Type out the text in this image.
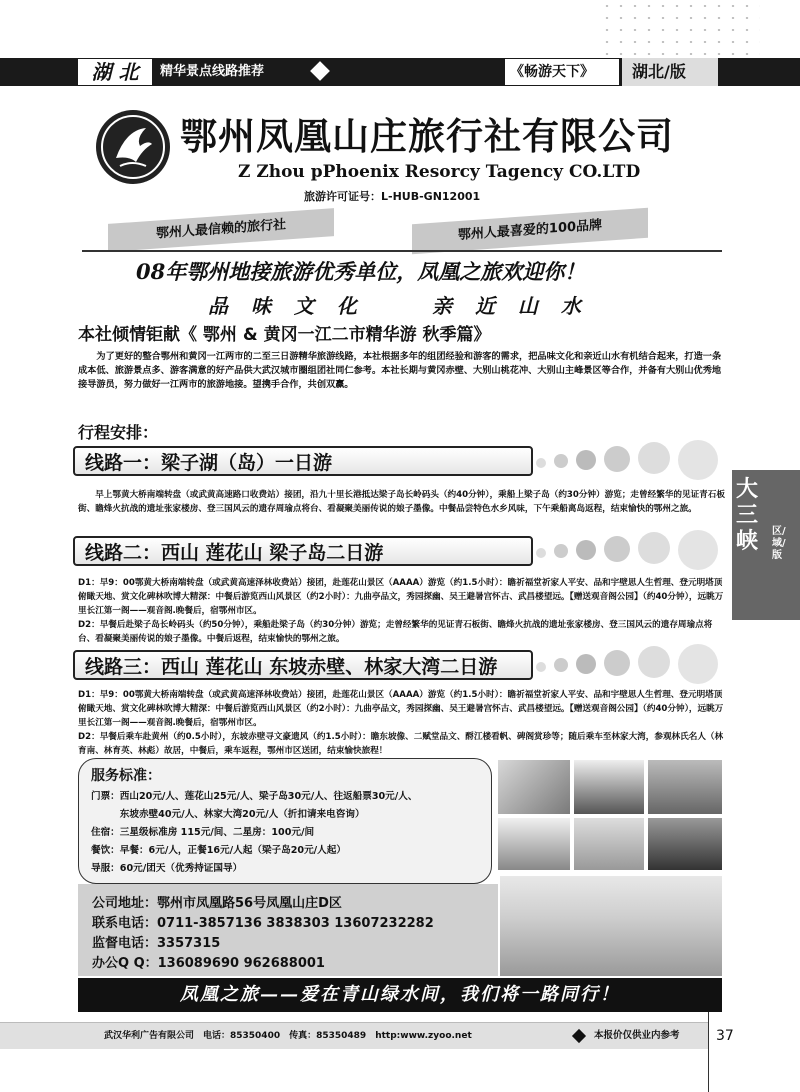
湖 北	精华景点线路推荐	《畅游天下》	湖北/版
鄂州凤凰山庄旅行社有限公司
Z Zhou pPhoenix Resorcy Tagency CO.LTD
旅游许可证号：L-HUB-GN12001
鄂州人最信赖的旅行社	鄂州人最喜爱的100品牌
08年鄂州地接旅游优秀单位，凤凰之旅欢迎你！
品 味 文 化	亲 近 山 水
本社倾情钜献《 鄂州 & 黄冈一江二市精华游 秋季篇》
为了更好的整合鄂州和黄冈一江两市的二至三日游精华旅游线路，本社根据多年的组团经验和游客的需求，把品味文化和亲近山水有机结合起来，打造一条成本低、旅游景点多、游客满意的好产品供大武汉城市圈组团社同仁参考。本社长期与黄冈赤壁、大别山桃花冲、大别山主峰景区等合作，并备有大别山优秀地接导游员，努力做好一江两市的旅游地接。望携手合作，共创双赢。
行程安排：
线路一：梁子湖（岛）一日游

早上鄂黄大桥南端转盘（或武黄高速路口收费站）接团，沿九十里长港抵达梁子岛长岭码头（约40分钟），乘船上梁子岛（约30分钟）游览；走曾经繁华的见证青石板街、瞻烽火抗战的遗址张家楼房、登三国风云的遗存周瑜点将台、看凝聚美丽传说的娘子墨像。中餐品尝特色水乡风味，下午乘船离岛返程，结束愉快的鄂州之旅。

线路二：西山 莲花山 梁子岛二日游

D1：早9：00鄂黄大桥南端转盘（或武黄高速泽林收费站）接团，赴莲花山景区（AAAA）游览（约1.5小时）：瞻祈福堂祈家人平安、品和宇壁思人生哲理、登元明塔顶俯瞰天地、赏文化碑林吹博大精深：中餐后游览西山风景区（约2小时）：九曲亭品文，秀园探幽、吴王避暑宫怀古、武昌楼望远。【赠送观音阁公园】（约40分钟），远眺万里长江第一阁——观音阁.晚餐后，宿鄂州市区。

D2：早餐后赴梁子岛长岭码头（约50分钟），乘船赴梁子岛（约30分钟）游览；走曾经繁华的见证青石板街、瞻烽火抗战的遗址张家楼房、登三国风云的遗存周瑜点将台、看凝聚美丽传说的娘子墨像。中餐后返程，结束愉快的鄂州之旅。

线路三：西山 莲花山 东坡赤壁、林家大湾二日游

D1：早9：00鄂黄大桥南端转盘（或武黄高速泽林收费站）接团，赴莲花山景区（AAAA）游览（约1.5小时）：瞻祈福堂祈家人平安、品和宇壁思人生哲理、登元明塔顶俯瞰天地、赏文化碑林吹博大精深：中餐后游览西山风景区（约2小时）：九曲亭品文，秀园探幽、吴王避暑宫怀古、武昌楼望远。【赠送观音阁公园】（约40分钟），远眺万里长江第一阁——观音阁.晚餐后，宿鄂州市区。

D2：早餐后乘车赴黄州（约0.5小时），东坡赤壁寻文豪遗风（约1.5小时）：瞻东坡像、二赋堂品文、酹江楼看帆、碑阁赏珍等；随后乘车至林家大湾，参观林氏名人（林育南、林育英、林彪）故居，中餐后，乘车返程，鄂州市区送团，结束愉快旅程！

大三峡	区/域/版
服务标准：
门票：西山20元/人、莲花山25元/人、梁子岛30元/人、往返船票30元/人、
　　　东坡赤壁40元/人、林家大湾20元/人（折扣请来电咨询）
住宿：三星级标准房 115元/间、二星房：100元/间
餐饮：早餐：6元/人，正餐16元/人起（梁子岛20元/人起）
导服：60元/团天（优秀持证国导）
公司地址：鄂州市凤凰路56号凤凰山庄D区
联系电话：0711-3857136 3838303 13607232282
监督电话：3357315
办公Q Q：136089690 962688001
凤凰之旅——爱在青山绿水间，我们将一路同行！
武汉华利广告有限公司　电话：85350400　传真：85350489　http:www.zyoo.net	本报价仅供业内参考	37
